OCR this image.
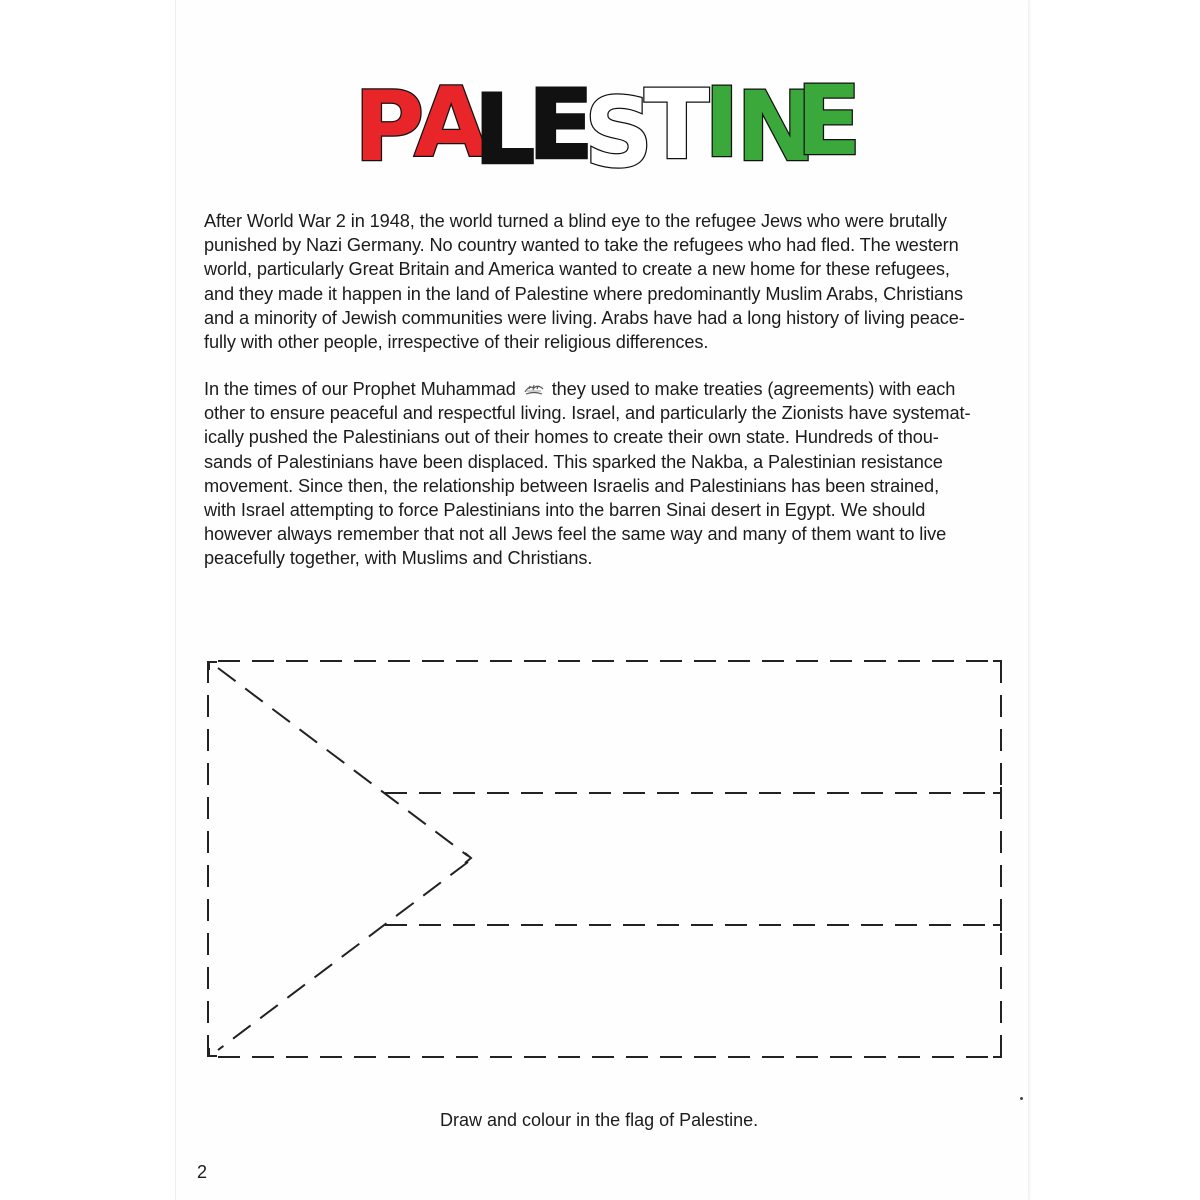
P
A
L
E
S
T
I
N
E

After World War 2 in 1948, the world turned a blind eye to the refugee Jews who were brutally
punished by Nazi Germany. No country wanted to take the refugees who had fled. The western
world, particularly Great Britain and America wanted to create a new home for these refugees,
and they made it happen in the land of Palestine where predominantly Muslim Arabs, Christians
and a minority of Jewish communities were living. Arabs have had a long history of living peace-
fully with other people, irrespective of their religious differences.

In the times of our Prophet Muhammad they used to make treaties (agreements) with each
other to ensure peaceful and respectful living. Israel, and particularly the Zionists have systemat-
ically pushed the Palestinians out of their homes to create their own state. Hundreds of thou-
sands of Palestinians have been displaced. This sparked the Nakba, a Palestinian resistance
movement. Since then, the relationship between Israelis and Palestinians has been strained,
with Israel attempting to force Palestinians into the barren Sinai desert in Egypt. We should
however always remember that not all Jews feel the same way and many of them want to live
peacefully together, with Muslims and Christians.

Draw and colour in the flag of Palestine.
2
